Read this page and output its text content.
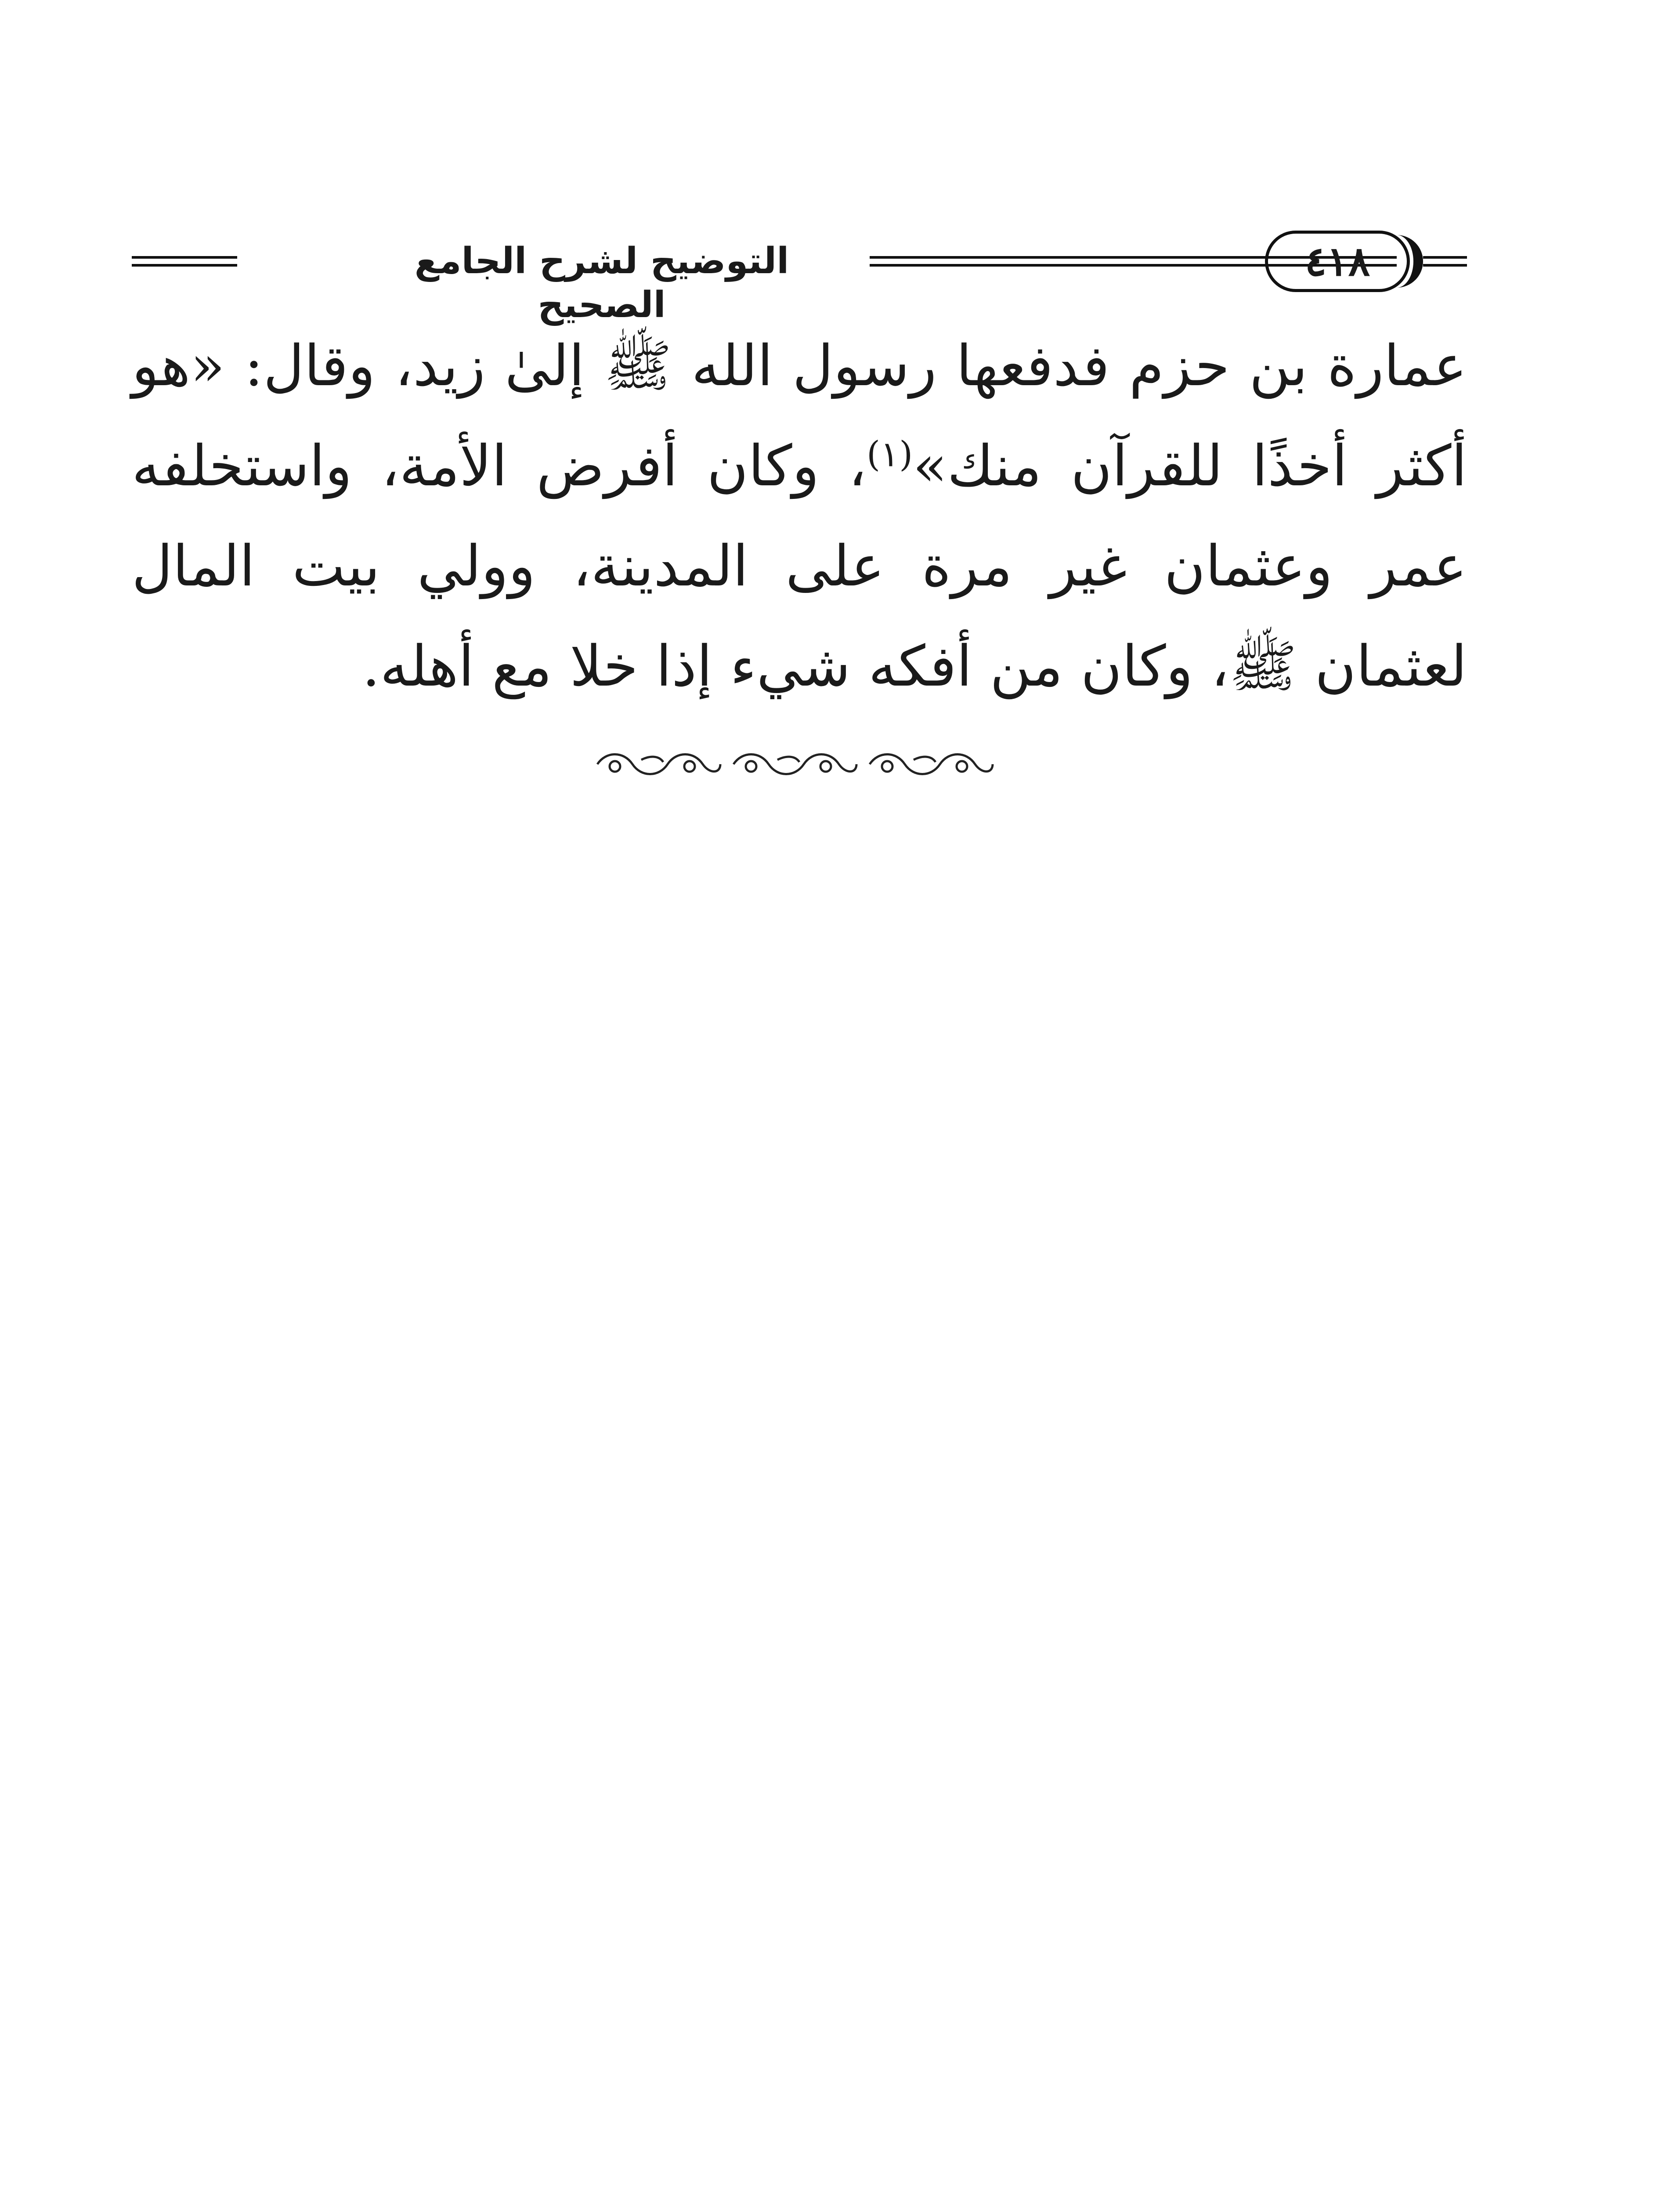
التوضيح لشرح الجامع الصحيح
٤١٨

عمارة بن حزم فدفعها رسول الله ﷺ إلىٰ زيد، وقال: «هو أكثر أخذًا للقرآن منك»$^{(١)}$، وكان أفرض الأمة، واستخلفه عمر وعثمان غير مرة على المدينة، وولي بيت المال لعثمان ﷺ، وكان من أفكه شيء إذا خلا مع أهله.
